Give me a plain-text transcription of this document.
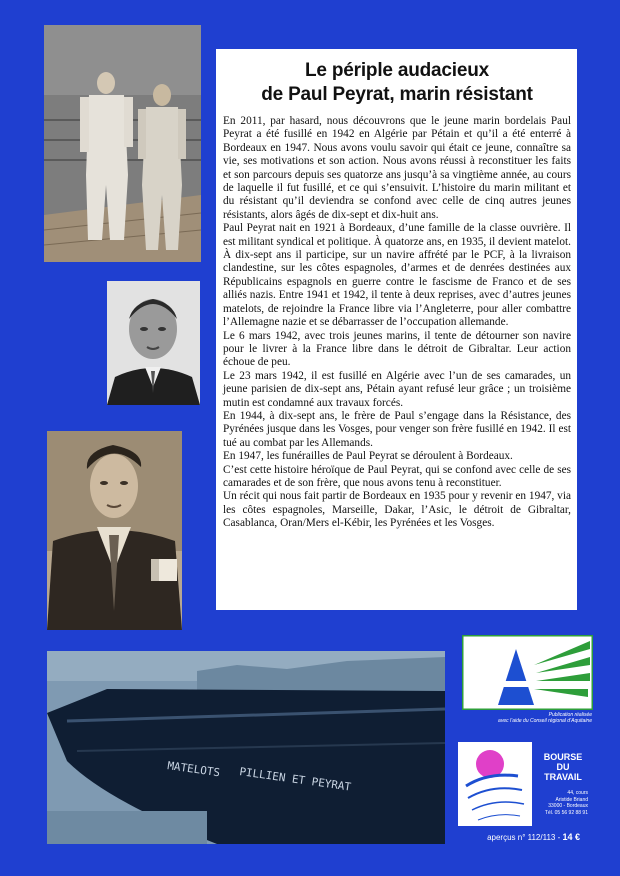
Le périple audacieux
de Paul Peyrat, marin résistant

En 2011, par hasard, nous découvrons que le jeune marin bordelais Paul Peyrat a été fusillé en 1942 en Algérie par Pétain et qu’il a été enterré à Bordeaux en 1947. Nous avons voulu savoir qui était ce jeune, connaître sa vie, ses motivations et son action. Nous avons réussi à reconstituer les faits et son parcours depuis ses quatorze ans jusqu’à sa vingtième année, au cours de laquelle il fut fusillé, et ce qui s’ensuivit. L’histoire du marin militant et du résistant qu’il deviendra se confond avec celle de cinq autres jeunes résistants, alors âgés de dix-sept et dix-huit ans.

Paul Peyrat nait en 1921 à Bordeaux, d’une famille de la classe ouvrière. Il est militant syndical et politique. À quatorze ans, en 1935, il devient matelot. À dix-sept ans il participe, sur un navire affrété par le PCF, à la livraison clandestine, sur les côtes espagnoles, d’armes et de denrées destinées aux Républicains espagnols en guerre contre le fascisme de Franco et de ses alliés nazis. Entre 1941 et 1942, il tente à deux reprises, avec d’autres jeunes matelots, de rejoindre la France libre via l’Angleterre, pour aller combattre l’Allemagne nazie et se débarrasser de l’occupation allemande.

Le 6 mars 1942, avec trois jeunes marins, il tente de détourner son navire pour le livrer à la France libre dans le détroit de Gibraltar. Leur action échoue de peu.

Le 23 mars 1942, il est fusillé en Algérie avec l’un de ses camarades, un jeune parisien de dix-sept ans, Pétain ayant refusé leur grâce ; un troisième mutin est condamné aux travaux forcés.

En 1944, à dix-sept ans, le frère de Paul s’engage dans la Résistance, des Pyrénées jusque dans les Vosges, pour venger son frère fusillé en 1942. Il est tué au combat par les Allemands.

En 1947, les funérailles de Paul Peyrat se déroulent à Bordeaux.

C’est cette histoire héroïque de Paul Peyrat, qui se confond avec celle de ses camarades et de son frère, que nous avons tenu à reconstituer.

Un récit qui nous fait partir de Bordeaux en 1935 pour y revenir en 1947, via les côtes espagnoles, Marseille, Dakar, l’Asic, le détroit de Gibraltar, Casablanca, Oran/Mers el-Kébir, les Pyrénées et les Vosges.

MATELOTS PILLIEN ET PEYRAT
Publication réalisée
avec l’aide du Conseil régional d’Aquitaine
BOURSE
DU
TRAVAIL
44, cours
Aristide Briand
33000 - Bordeaux
Tél. 05 56 92 88 91
aperçus n° 112/113 - 14 €
